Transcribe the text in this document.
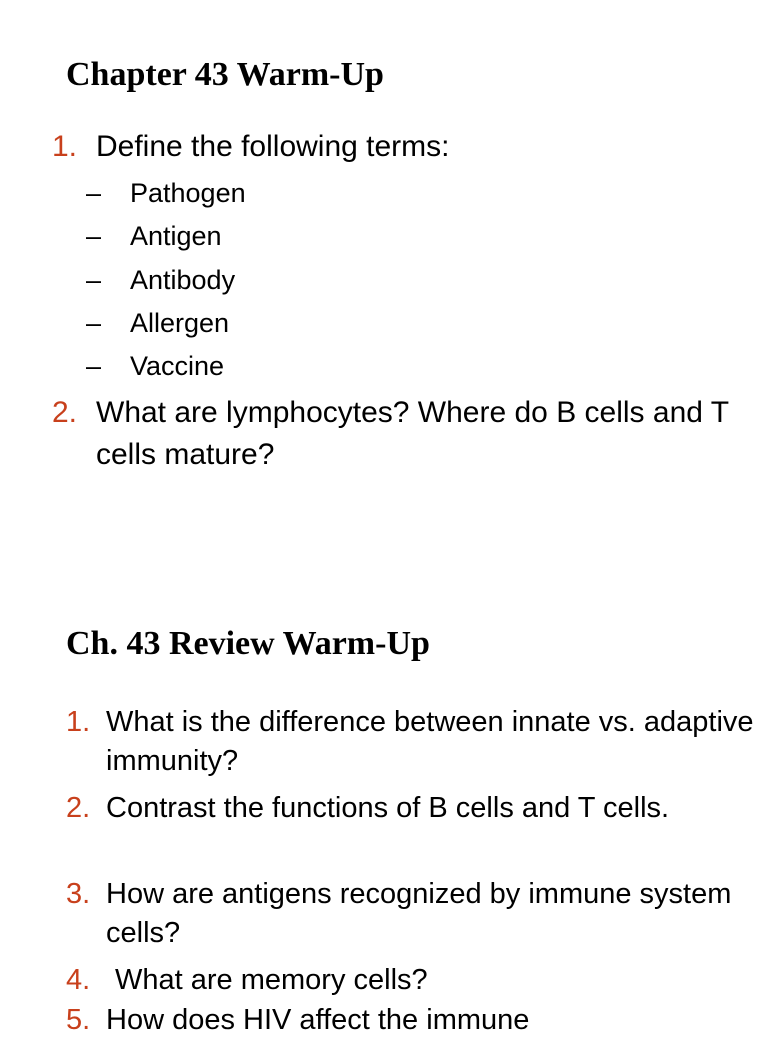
Chapter 43 Warm-Up
1. Define the following terms:
– Pathogen
– Antigen
– Antibody
– Allergen
– Vaccine
2. What are lymphocytes? Where do B cells and T cells mature?
Ch. 43 Review Warm-Up
1. What is the difference between innate vs. adaptive immunity?
2. Contrast the functions of B cells and T cells.
3. How are antigens recognized by immune system cells?
4. What are memory cells?
5. How does HIV affect the immune
